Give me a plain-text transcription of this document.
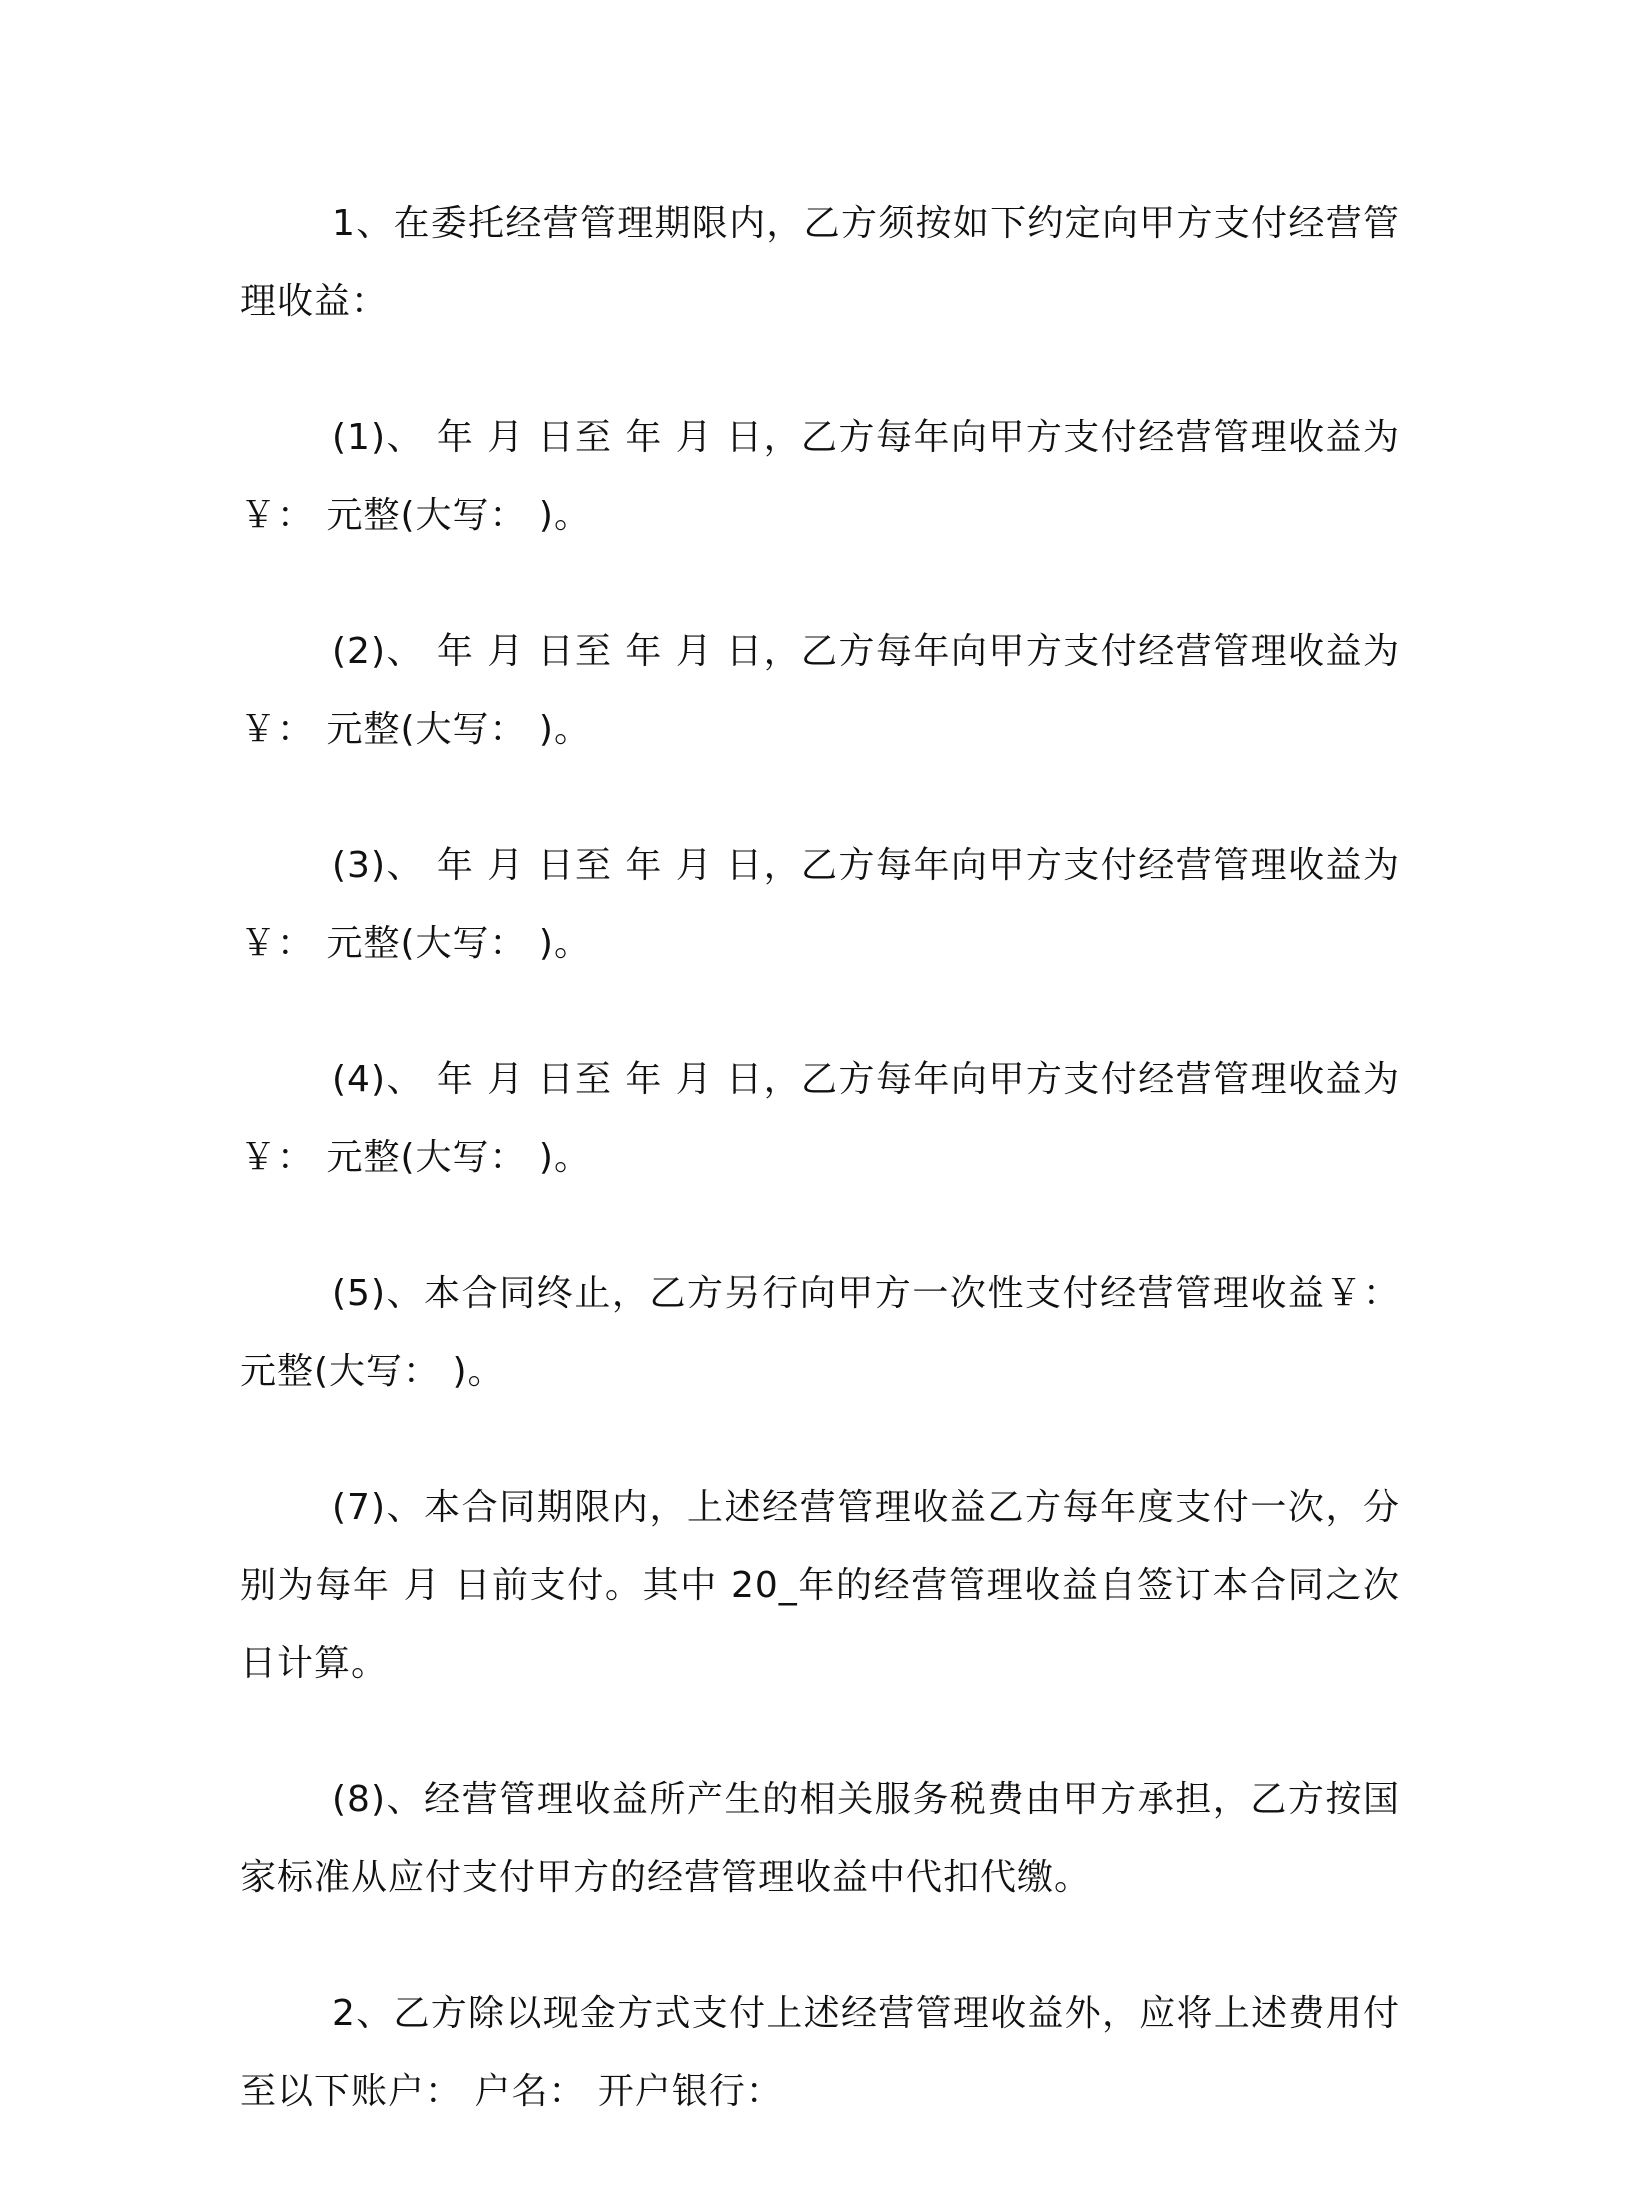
1、在委托经营管理期限内，乙方须按如下约定向甲方支付经营管理收益：

(1)、 年 月 日至 年 月 日，乙方每年向甲方支付经营管理收益为￥： 元整(大写： )。

(2)、 年 月 日至 年 月 日，乙方每年向甲方支付经营管理收益为￥： 元整(大写： )。

(3)、 年 月 日至 年 月 日，乙方每年向甲方支付经营管理收益为￥： 元整(大写： )。

(4)、 年 月 日至 年 月 日，乙方每年向甲方支付经营管理收益为￥： 元整(大写： )。

(5)、本合同终止，乙方另行向甲方一次性支付经营管理收益￥： 元整(大写： )。

(7)、本合同期限内，上述经营管理收益乙方每年度支付一次，分别为每年 月 日前支付。其中 20_年的经营管理收益自签订本合同之次日计算。

(8)、经营管理收益所产生的相关服务税费由甲方承担，乙方按国家标准从应付支付甲方的经营管理收益中代扣代缴。

2、乙方除以现金方式支付上述经营管理收益外，应将上述费用付至以下账户： 户名： 开户银行：
